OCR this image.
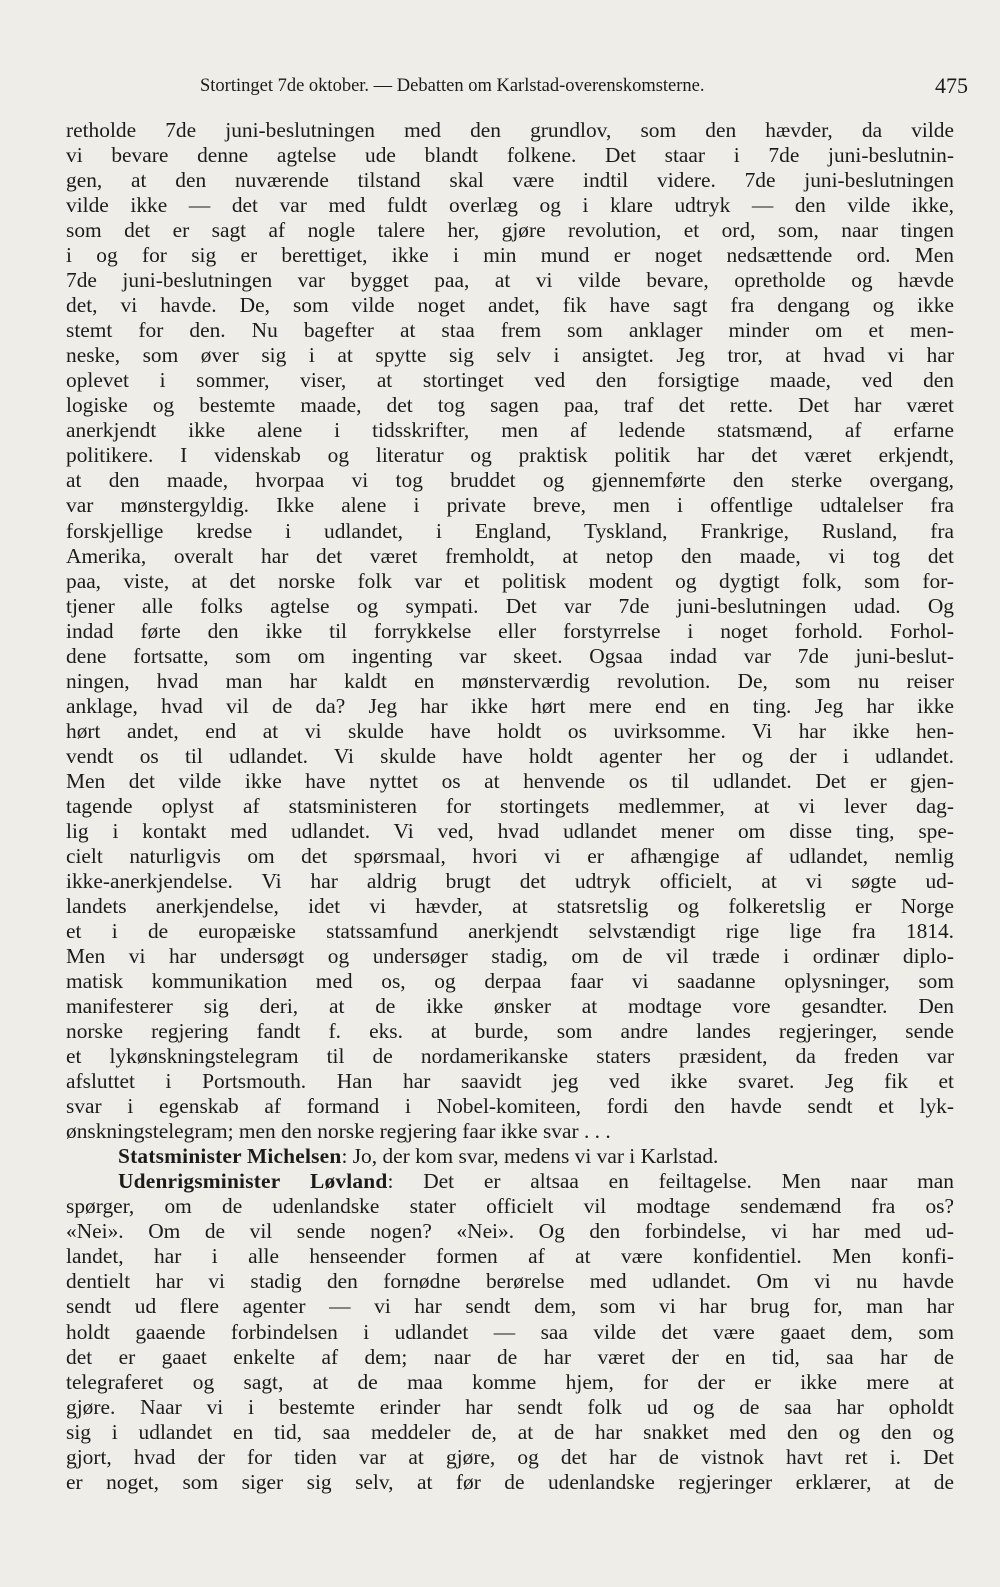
Stortinget 7de oktober. — Debatten om Karlstad-overenskomsterne.	475
retholde 7de juni-beslutningen med den grundlov, som den hævder, da vilde
vi bevare denne agtelse ude blandt folkene. Det staar i 7de juni-beslutnin-
gen, at den nuværende tilstand skal være indtil videre. 7de juni-beslutningen
vilde ikke — det var med fuldt overlæg og i klare udtryk — den vilde ikke,
som det er sagt af nogle talere her, gjøre revolution, et ord, som, naar tingen
i og for sig er berettiget, ikke i min mund er noget nedsættende ord. Men
7de juni-beslutningen var bygget paa, at vi vilde bevare, opretholde og hævde
det, vi havde. De, som vilde noget andet, fik have sagt fra dengang og ikke
stemt for den. Nu bagefter at staa frem som anklager minder om et men-
neske, som øver sig i at spytte sig selv i ansigtet. Jeg tror, at hvad vi har
oplevet i sommer, viser, at stortinget ved den forsigtige maade, ved den
logiske og bestemte maade, det tog sagen paa, traf det rette. Det har været
anerkjendt ikke alene i tidsskrifter, men af ledende statsmænd, af erfarne
politikere. I videnskab og literatur og praktisk politik har det været erkjendt,
at den maade, hvorpaa vi tog bruddet og gjennemførte den sterke overgang,
var mønstergyldig. Ikke alene i private breve, men i offentlige udtalelser fra
forskjellige kredse i udlandet, i England, Tyskland, Frankrige, Rusland, fra
Amerika, overalt har det været fremholdt, at netop den maade, vi tog det
paa, viste, at det norske folk var et politisk modent og dygtigt folk, som for-
tjener alle folks agtelse og sympati. Det var 7de juni-beslutningen udad. Og
indad førte den ikke til forrykkelse eller forstyrrelse i noget forhold. Forhol-
dene fortsatte, som om ingenting var skeet. Ogsaa indad var 7de juni-beslut-
ningen, hvad man har kaldt en mønsterværdig revolution. De, som nu reiser
anklage, hvad vil de da? Jeg har ikke hørt mere end en ting. Jeg har ikke
hørt andet, end at vi skulde have holdt os uvirksomme. Vi har ikke hen-
vendt os til udlandet. Vi skulde have holdt agenter her og der i udlandet.
Men det vilde ikke have nyttet os at henvende os til udlandet. Det er gjen-
tagende oplyst af statsministeren for stortingets medlemmer, at vi lever dag-
lig i kontakt med udlandet. Vi ved, hvad udlandet mener om disse ting, spe-
cielt naturligvis om det spørsmaal, hvori vi er afhængige af udlandet, nemlig
ikke-anerkjendelse. Vi har aldrig brugt det udtryk officielt, at vi søgte ud-
landets anerkjendelse, idet vi hævder, at statsretslig og folkeretslig er Norge
et i de europæiske statssamfund anerkjendt selvstændigt rige lige fra 1814.
Men vi har undersøgt og undersøger stadig, om de vil træde i ordinær diplo-
matisk kommunikation med os, og derpaa faar vi saadanne oplysninger, som
manifesterer sig deri, at de ikke ønsker at modtage vore gesandter. Den
norske regjering fandt f. eks. at burde, som andre landes regjeringer, sende
et lykønskningstelegram til de nordamerikanske staters præsident, da freden var
afsluttet i Portsmouth. Han har saavidt jeg ved ikke svaret. Jeg fik et
svar i egenskab af formand i Nobel-komiteen, fordi den havde sendt et lyk-
ønskningstelegram; men den norske regjering faar ikke svar . . .
Statsminister Michelsen: Jo, der kom svar, medens vi var i Karlstad.
Udenrigsminister Løvland: Det er altsaa en feiltagelse. Men naar man
spørger, om de udenlandske stater officielt vil modtage sendemænd fra os?
«Nei». Om de vil sende nogen? «Nei». Og den forbindelse, vi har med ud-
landet, har i alle henseender formen af at være konfidentiel. Men konfi-
dentielt har vi stadig den fornødne berørelse med udlandet. Om vi nu havde
sendt ud flere agenter — vi har sendt dem, som vi har brug for, man har
holdt gaaende forbindelsen i udlandet — saa vilde det være gaaet dem, som
det er gaaet enkelte af dem; naar de har været der en tid, saa har de
telegraferet og sagt, at de maa komme hjem, for der er ikke mere at
gjøre. Naar vi i bestemte erinder har sendt folk ud og de saa har opholdt
sig i udlandet en tid, saa meddeler de, at de har snakket med den og den og
gjort, hvad der for tiden var at gjøre, og det har de vistnok havt ret i. Det
er noget, som siger sig selv, at før de udenlandske regjeringer erklærer, at de
